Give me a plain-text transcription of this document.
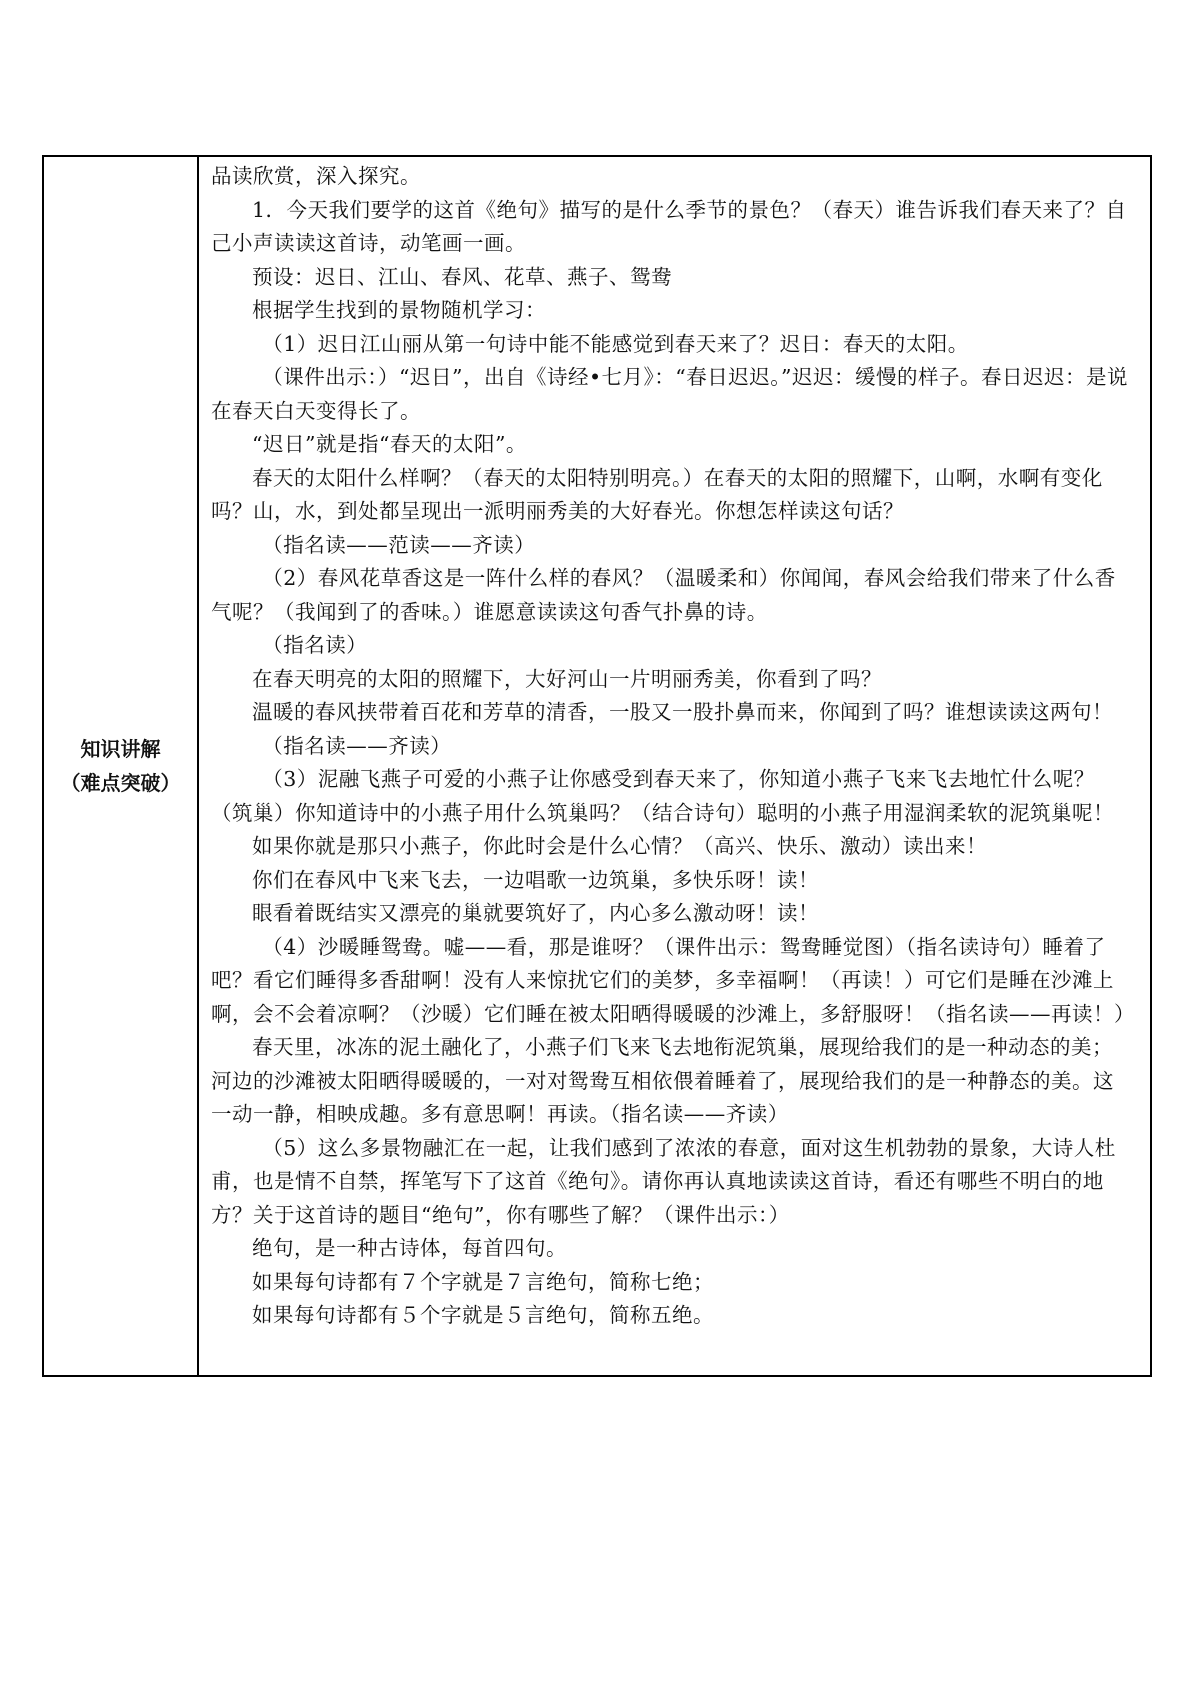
知识讲解
（难点突破）

品读欣赏，深入探究。

1．今天我们要学的这首《绝句》描写的是什么季节的景色？（春天）谁告诉我们春天来了？自己小声读读这首诗，动笔画一画。

预设：迟日、江山、春风、花草、燕子、鸳鸯

根据学生找到的景物随机学习：

（1）迟日江山丽从第一句诗中能不能感觉到春天来了？迟日：春天的太阳。

（课件出示：）“迟日”，出自《诗经•七月》：“春日迟迟。”迟迟：缓慢的样子。春日迟迟：是说在春天白天变得长了。

“迟日”就是指“春天的太阳”。

春天的太阳什么样啊？（春天的太阳特别明亮。）在春天的太阳的照耀下，山啊，水啊有变化吗？山，水，到处都呈现出一派明丽秀美的大好春光。你想怎样读这句话？

（指名读——范读——齐读）

（2）春风花草香这是一阵什么样的春风？（温暖柔和）你闻闻，春风会给我们带来了什么香气呢？（我闻到了的香味。）谁愿意读读这句香气扑鼻的诗。

（指名读）

在春天明亮的太阳的照耀下，大好河山一片明丽秀美，你看到了吗？

温暖的春风挟带着百花和芳草的清香，一股又一股扑鼻而来，你闻到了吗？谁想读读这两句！

（指名读——齐读）

（3）泥融飞燕子可爱的小燕子让你感受到春天来了，你知道小燕子飞来飞去地忙什么呢？（筑巢）你知道诗中的小燕子用什么筑巢吗？（结合诗句）聪明的小燕子用湿润柔软的泥筑巢呢！

如果你就是那只小燕子，你此时会是什么心情？（高兴、快乐、激动）读出来！

你们在春风中飞来飞去，一边唱歌一边筑巢，多快乐呀！读！

眼看着既结实又漂亮的巢就要筑好了，内心多么激动呀！读！

（4）沙暖睡鸳鸯。嘘——看，那是谁呀？（课件出示：鸳鸯睡觉图）（指名读诗句）睡着了吧？看它们睡得多香甜啊！没有人来惊扰它们的美梦，多幸福啊！（再读！）可它们是睡在沙滩上啊，会不会着凉啊？（沙暖）它们睡在被太阳晒得暖暖的沙滩上，多舒服呀！（指名读——再读！）

春天里，冰冻的泥土融化了，小燕子们飞来飞去地衔泥筑巢，展现给我们的是一种动态的美；河边的沙滩被太阳晒得暖暖的，一对对鸳鸯互相依偎着睡着了，展现给我们的是一种静态的美。这一动一静，相映成趣。多有意思啊！再读。（指名读——齐读）

（5）这么多景物融汇在一起，让我们感到了浓浓的春意，面对这生机勃勃的景象，大诗人杜甫，也是情不自禁，挥笔写下了这首《绝句》。请你再认真地读读这首诗，看还有哪些不明白的地方？关于这首诗的题目“绝句”，你有哪些了解？（课件出示：）

绝句，是一种古诗体，每首四句。

如果每句诗都有７个字就是７言绝句，简称七绝；

如果每句诗都有５个字就是５言绝句，简称五绝。
